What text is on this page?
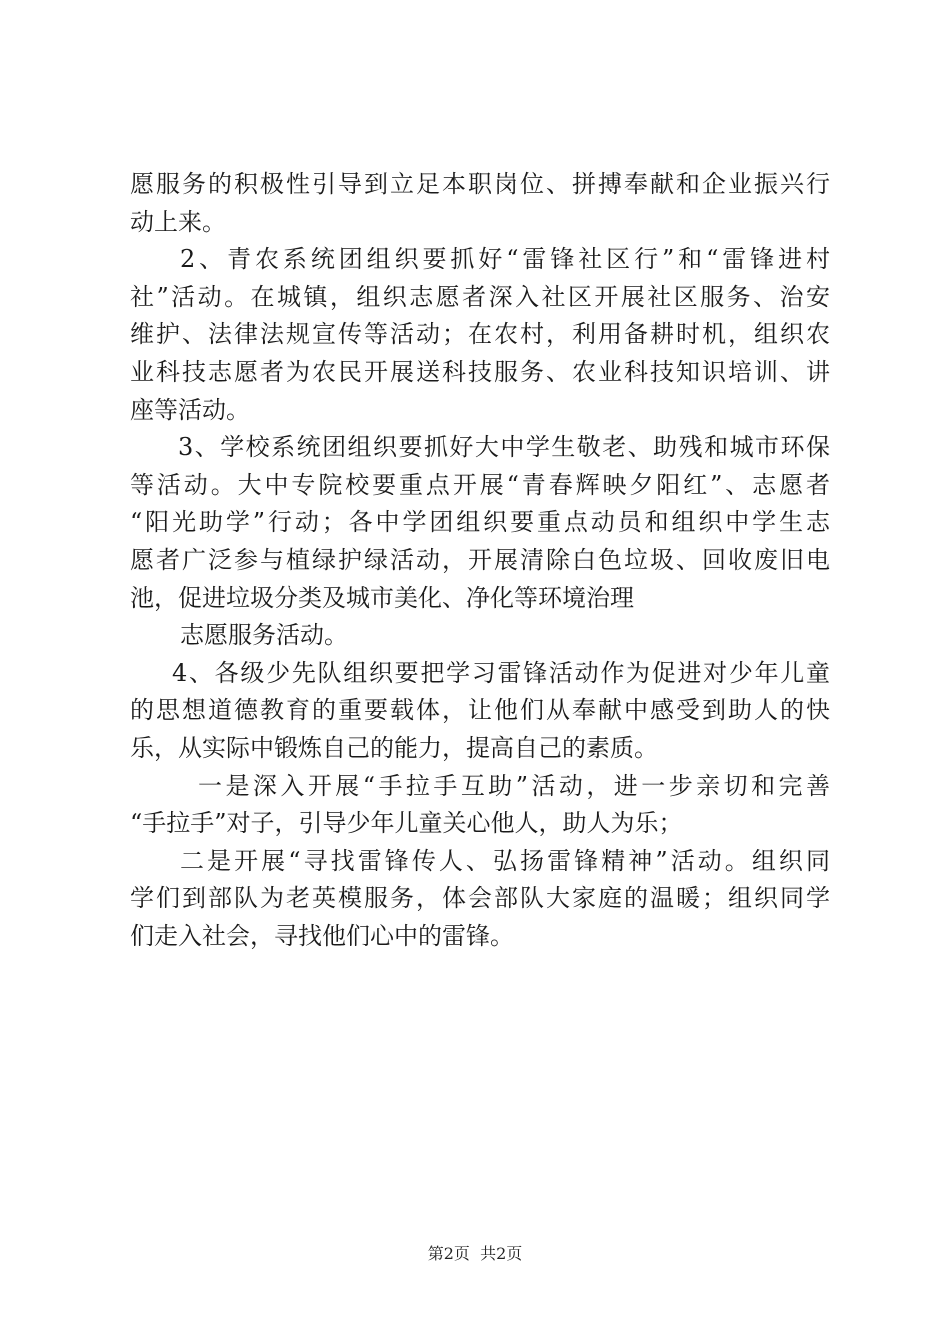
愿服务的积极性引导到立足本职岗位、拼搏奉献和企业振兴行
动上来。
2、青农系统团组织要抓好“雷锋社区行”和“雷锋进村
社”活动。在城镇，组织志愿者深入社区开展社区服务、治安
维护、法律法规宣传等活动；在农村，利用备耕时机，组织农
业科技志愿者为农民开展送科技服务、农业科技知识培训、讲
座等活动。
3、学校系统团组织要抓好大中学生敬老、助残和城市环保
等活动。大中专院校要重点开展“青春辉映夕阳红”、志愿者
“阳光助学”行动；各中学团组织要重点动员和组织中学生志
愿者广泛参与植绿护绿活动，开展清除白色垃圾、回收废旧电
池，促进垃圾分类及城市美化、净化等环境治理
志愿服务活动。
4、各级少先队组织要把学习雷锋活动作为促进对少年儿童
的思想道德教育的重要载体，让他们从奉献中感受到助人的快
乐，从实际中锻炼自己的能力，提高自己的素质。
一是深入开展“手拉手互助”活动，进一步亲切和完善
“手拉手”对子，引导少年儿童关心他人，助人为乐；
二是开展“寻找雷锋传人、弘扬雷锋精神”活动。组织同
学们到部队为老英模服务，体会部队大家庭的温暖；组织同学
们走入社会，寻找他们心中的雷锋。
第2页 共2页
